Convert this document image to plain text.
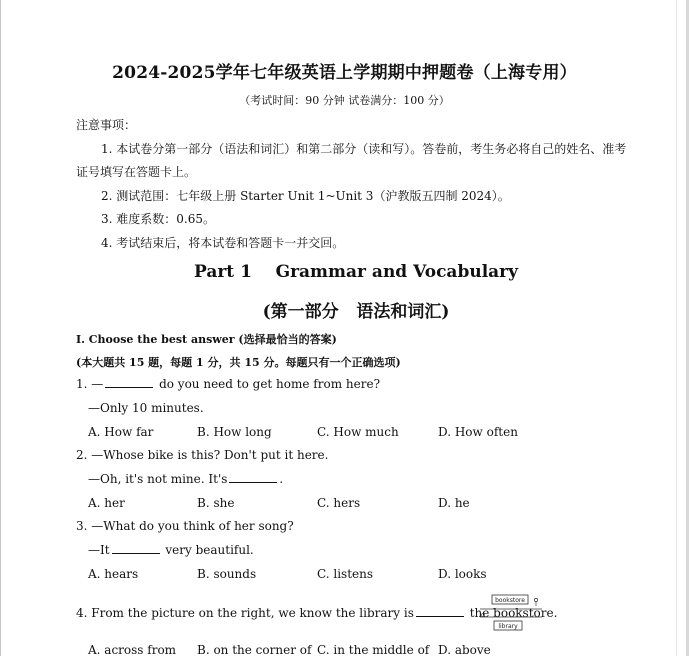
2024-2025学年七年级英语上学期期中押题卷（上海专用）
（考试时间：90 分钟 试卷满分：100 分）
注意事项：
1. 本试卷分第一部分（语法和词汇）和第二部分（读和写）。答卷前，考生务必将自己的姓名、准考
证号填写在答题卡上。
2. 测试范围：七年级上册 Starter Unit 1~Unit 3（沪教版五四制 2024）。
3. 难度系数：0.65。
4. 考试结束后，将本试卷和答题卡一并交回。
Part 1    Grammar and Vocabulary
(第一部分   语法和词汇)
I. Choose the best answer (选择最恰当的答案)
(本大题共 15 题，每题 1 分，共 15 分。每题只有一个正确选项)
1. —	do you need to get home from here?
—Only 10 minutes.
A. How far	B. How long	C. How much	D. How often
2. —Whose bike is this? Don't put it here.
—Oh, it's not mine. It's	.
A. her	B. she	C. hers	D. he
3. —What do you think of her song?
—It	very beautiful.
A. hears	B. sounds	C. listens	D. looks
4. From the picture on the right, we know the library is	the bookstore.
bookstore
library
A. across from B. on the corner of C. in the middle of D. above
